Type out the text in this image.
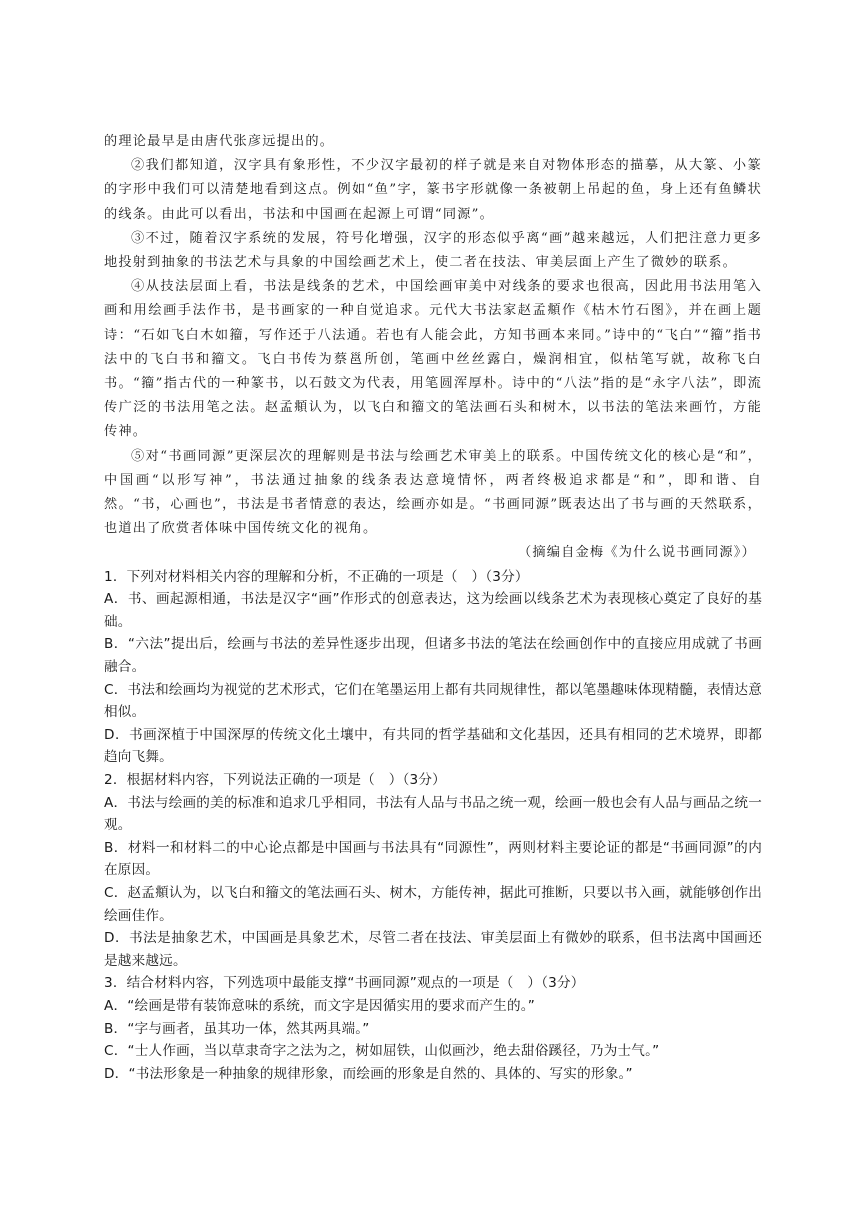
的理论最早是由唐代张彦远提出的。

②我们都知道，汉字具有象形性，不少汉字最初的样子就是来自对物体形态的描摹，从大篆、小篆的字形中我们可以清楚地看到这点。例如“鱼”字，篆书字形就像一条被朝上吊起的鱼，身上还有鱼鳞状的线条。由此可以看出，书法和中国画在起源上可谓“同源”。

③不过，随着汉字系统的发展，符号化增强，汉字的形态似乎离“画”越来越远，人们把注意力更多地投射到抽象的书法艺术与具象的中国绘画艺术上，使二者在技法、审美层面上产生了微妙的联系。

④从技法层面上看，书法是线条的艺术，中国绘画审美中对线条的要求也很高，因此用书法用笔入画和用绘画手法作书，是书画家的一种自觉追求。元代大书法家赵孟頫作《枯木竹石图》，并在画上题诗：“石如飞白木如籀，写作还于八法通。若也有人能会此，方知书画本来同。”诗中的“飞白”“籀”指书法中的飞白书和籀文。飞白书传为蔡邕所创，笔画中丝丝露白，燥润相宜，似枯笔写就，故称飞白书。“籀”指古代的一种篆书，以石鼓文为代表，用笔圆浑厚朴。诗中的“八法”指的是“永字八法”，即流传广泛的书法用笔之法。赵孟頫认为，以飞白和籀文的笔法画石头和树木，以书法的笔法来画竹，方能传神。

⑤对“书画同源”更深层次的理解则是书法与绘画艺术审美上的联系。中国传统文化的核心是“和”，中国画“以形写神”，书法通过抽象的线条表达意境情怀，两者终极追求都是“和”，即和谐、自然。“书，心画也”，书法是书者情意的表达，绘画亦如是。“书画同源”既表达出了书与画的天然联系，也道出了欣赏者体味中国传统文化的视角。

（摘编自金梅《为什么说书画同源》）

1．下列对材料相关内容的理解和分析，不正确的一项是（　）（3分）

A．书、画起源相通，书法是汉字“画”作形式的创意表达，这为绘画以线条艺术为表现核心奠定了良好的基础。

B．“六法”提出后，绘画与书法的差异性逐步出现，但诸多书法的笔法在绘画创作中的直接应用成就了书画融合。

C．书法和绘画均为视觉的艺术形式，它们在笔墨运用上都有共同规律性，都以笔墨趣味体现精髓，表情达意相似。

D．书画深植于中国深厚的传统文化土壤中，有共同的哲学基础和文化基因，还具有相同的艺术境界，即都趋向飞舞。

2．根据材料内容，下列说法正确的一项是（　）（3分）

A．书法与绘画的美的标准和追求几乎相同，书法有人品与书品之统一观，绘画一般也会有人品与画品之统一观。

B．材料一和材料二的中心论点都是中国画与书法具有“同源性”，两则材料主要论证的都是“书画同源”的内在原因。

C．赵孟頫认为，以飞白和籀文的笔法画石头、树木，方能传神，据此可推断，只要以书入画，就能够创作出绘画佳作。

D．书法是抽象艺术，中国画是具象艺术，尽管二者在技法、审美层面上有微妙的联系，但书法离中国画还是越来越远。

3．结合材料内容，下列选项中最能支撑“书画同源”观点的一项是（　）（3分）

A．“绘画是带有装饰意味的系统，而文字是因循实用的要求而产生的。”

B．“字与画者，虽其功一体，然其两具端。”

C．“士人作画，当以草隶奇字之法为之，树如屈铁，山似画沙，绝去甜俗蹊径，乃为士气。”

D．“书法形象是一种抽象的规律形象，而绘画的形象是自然的、具体的、写实的形象。”
